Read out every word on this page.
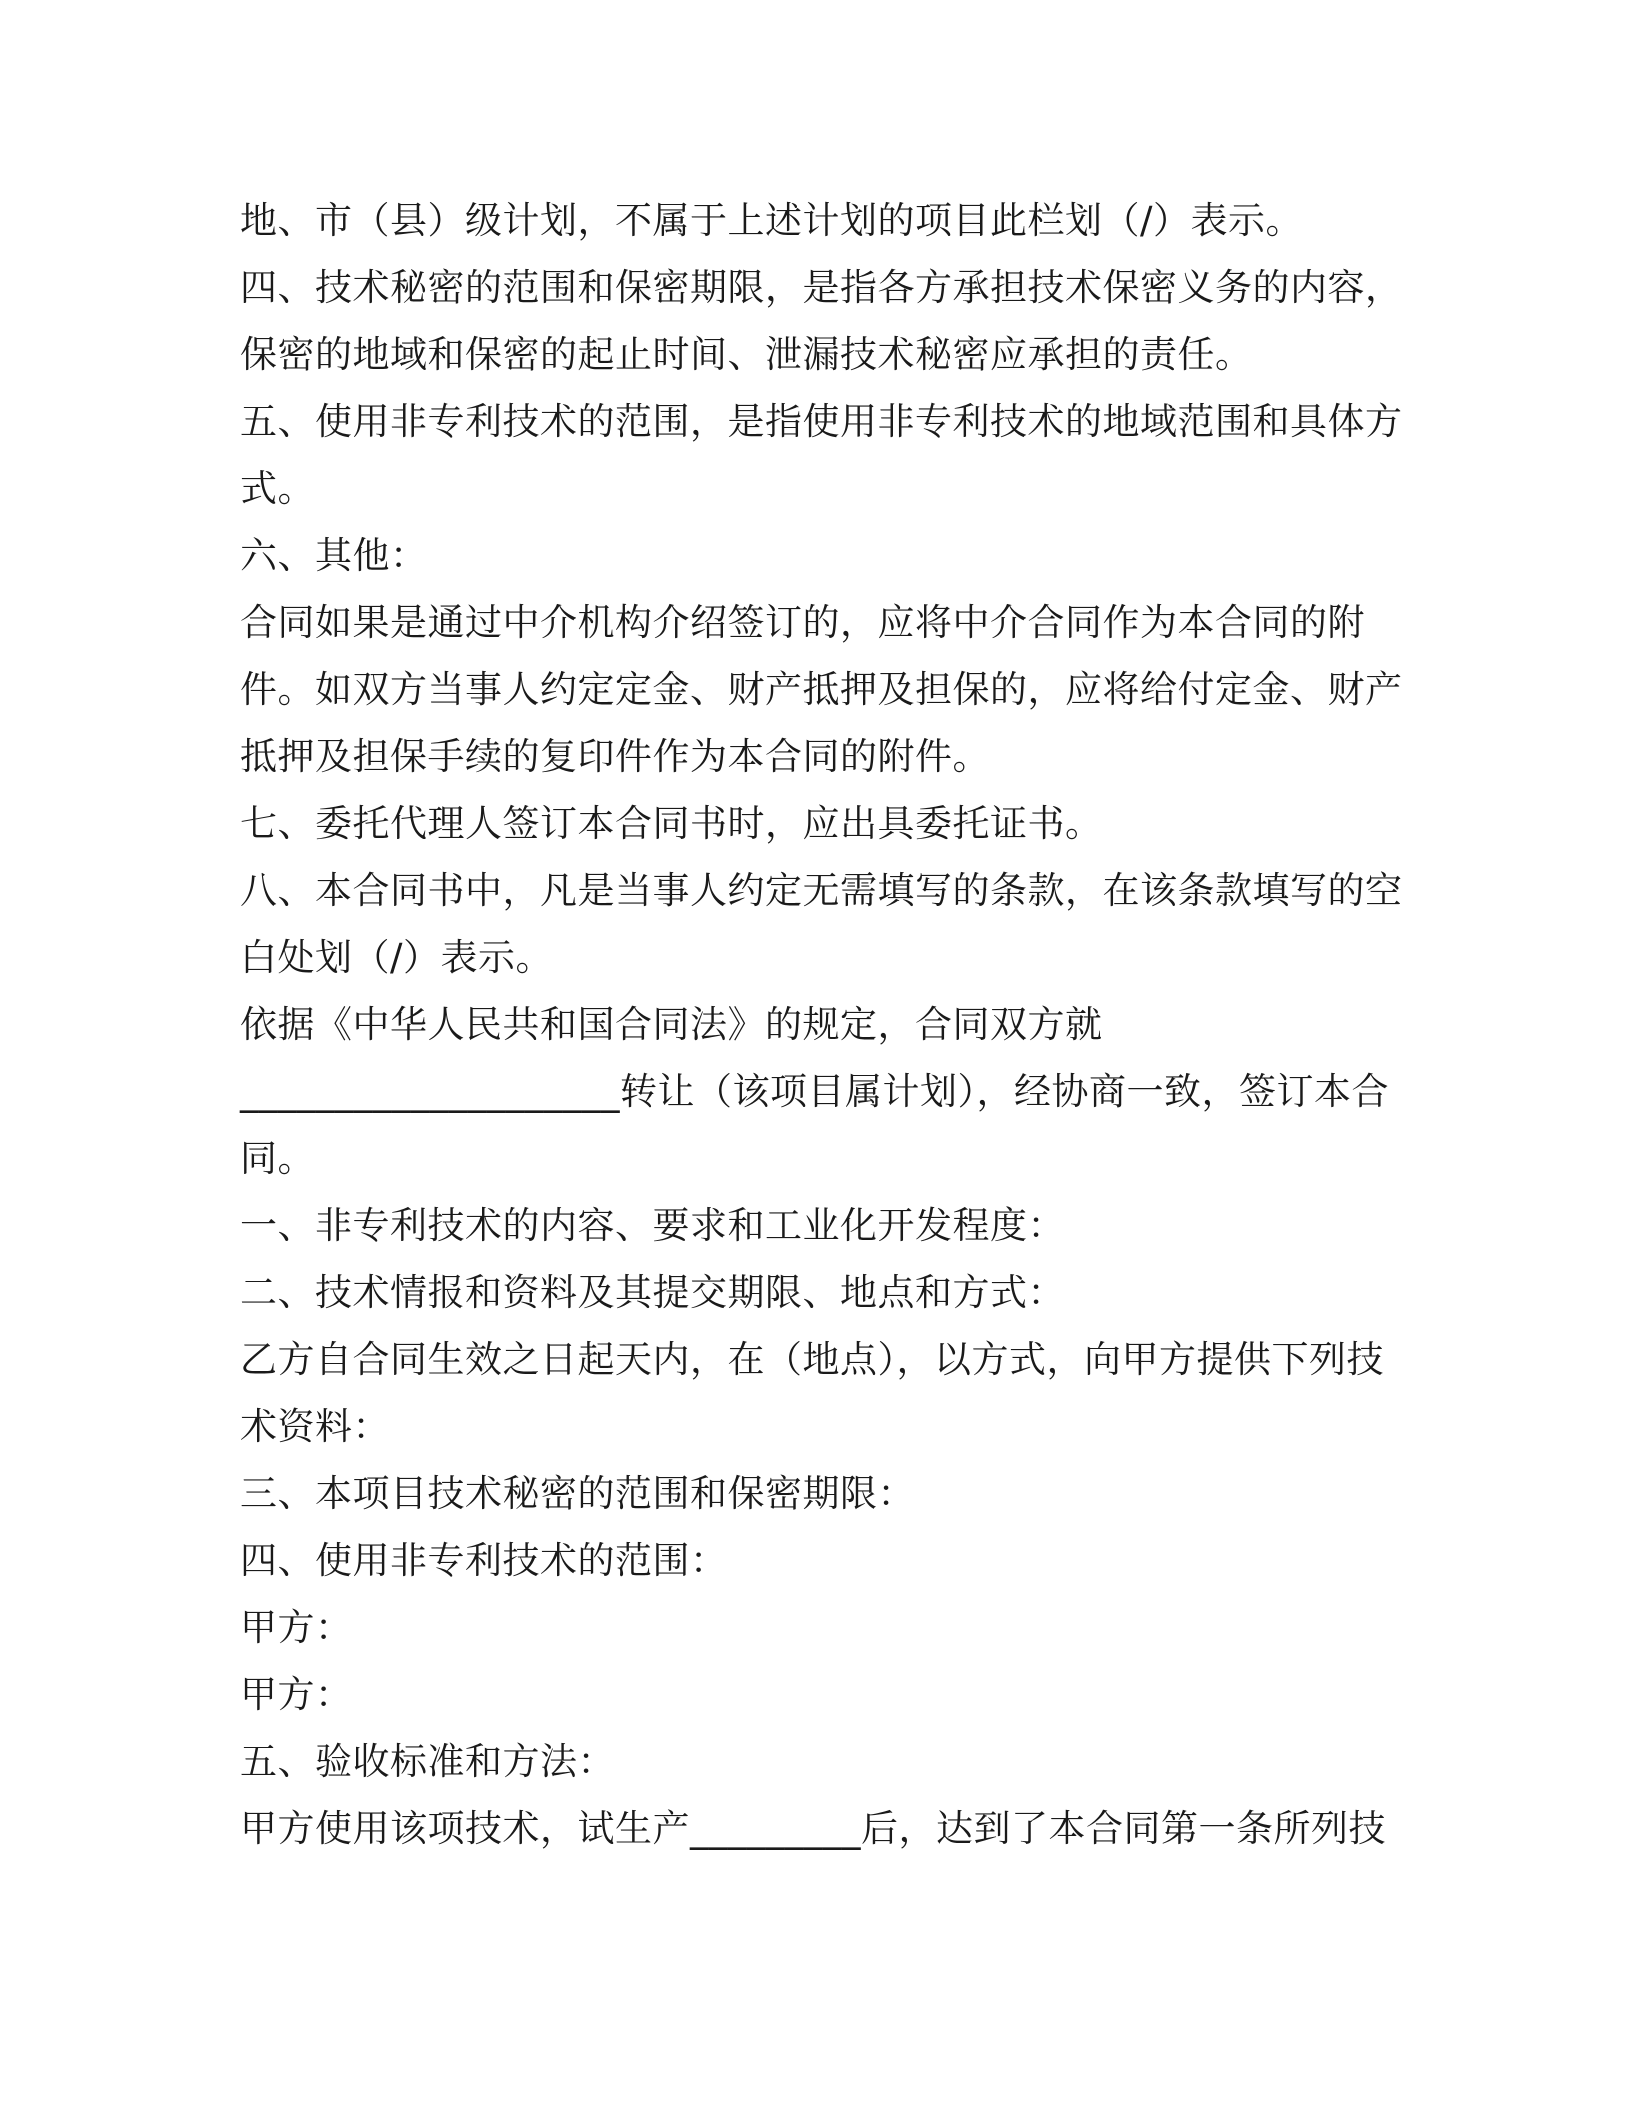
地、市（县）级计划，不属于上述计划的项目此栏划（/）表示。
四、技术秘密的范围和保密期限，是指各方承担技术保密义务的内容，
保密的地域和保密的起止时间、泄漏技术秘密应承担的责任。
五、使用非专利技术的范围，是指使用非专利技术的地域范围和具体方
式。
六、其他：
合同如果是通过中介机构介绍签订的，应将中介合同作为本合同的附
件。如双方当事人约定定金、财产抵押及担保的，应将给付定金、财产
抵押及担保手续的复印件作为本合同的附件。
七、委托代理人签订本合同书时，应出具委托证书。
八、本合同书中，凡是当事人约定无需填写的条款，在该条款填写的空
白处划（/）表示。
依据《中华人民共和国合同法》的规定，合同双方就
____________________转让（该项目属计划），经协商一致，签订本合
同。
一、非专利技术的内容、要求和工业化开发程度：
二、技术情报和资料及其提交期限、地点和方式：
乙方自合同生效之日起天内，在（地点），以方式，向甲方提供下列技
术资料：
三、本项目技术秘密的范围和保密期限：
四、使用非专利技术的范围：
甲方：
甲方：
五、验收标准和方法：
甲方使用该项技术，试生产_________后，达到了本合同第一条所列技
